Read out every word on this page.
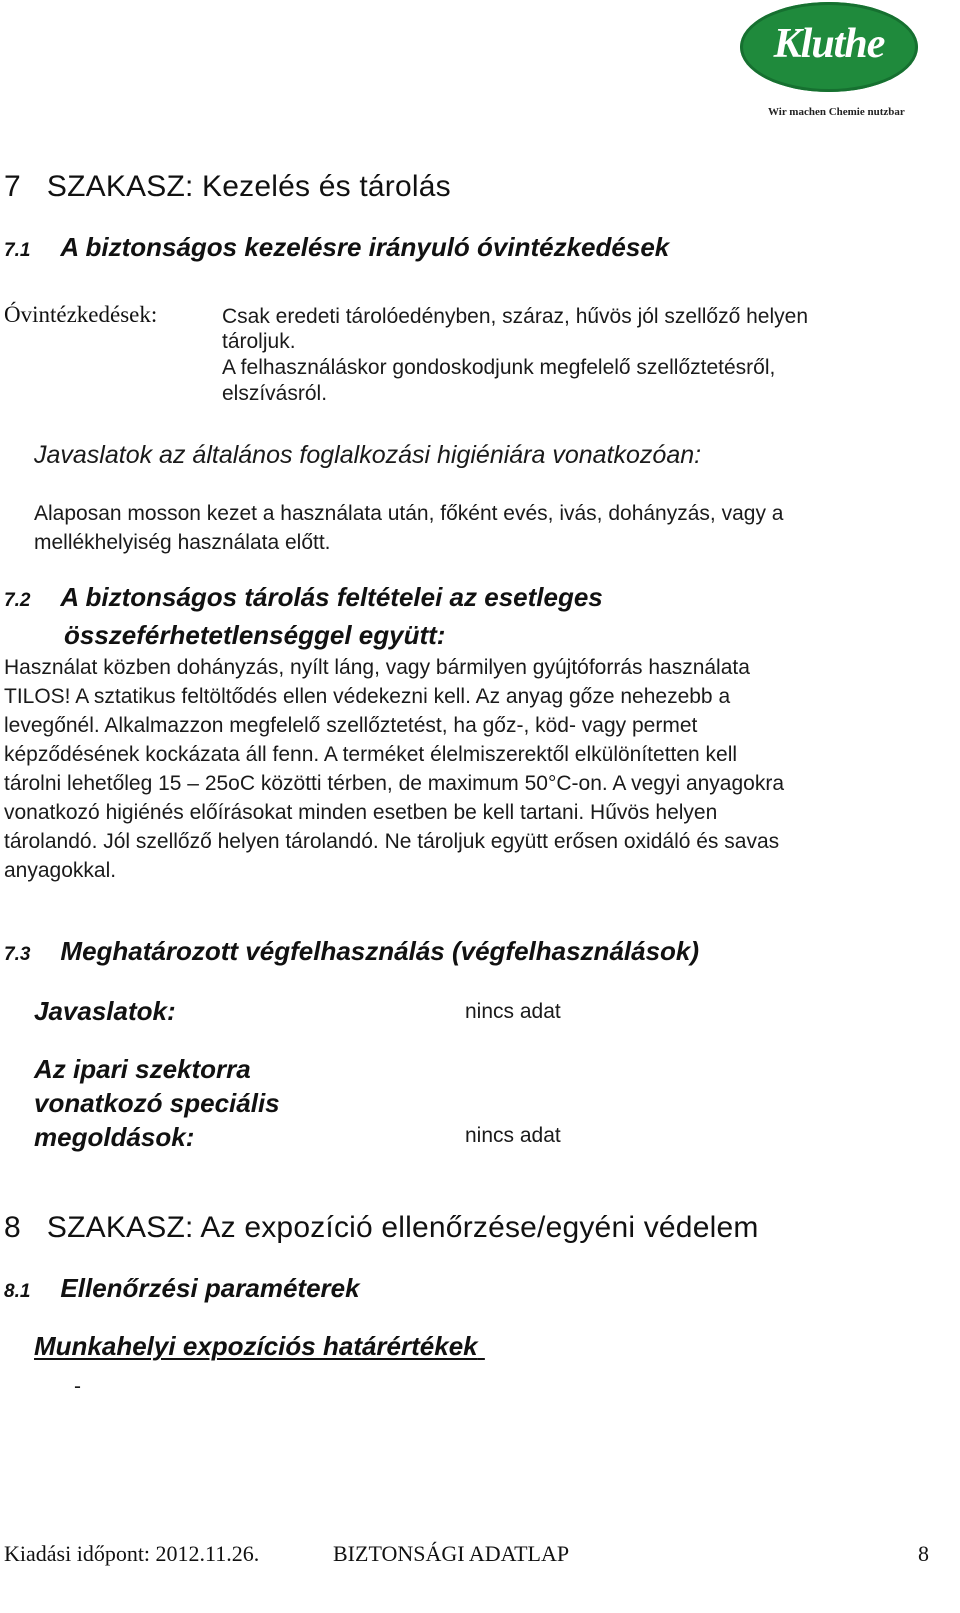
Kluthe
Wir machen Chemie nutzbar
7 SZAKASZ: Kezelés és tárolás
7.1 A biztonságos kezelésre irányuló óvintézkedések
Óvintézkedések:	Csak eredeti tárolóedényben, száraz, hűvös jól szellőző helyen
tároljuk.
A felhasználáskor gondoskodjunk megfelelő szellőztetésről,
elszívásról.
Javaslatok az általános foglalkozási higiéniára vonatkozóan:
Alaposan mosson kezet a használata után, főként evés, ivás, dohányzás, vagy a
mellékhelyiség használata előtt.
7.2 A biztonságos tárolás feltételei az esetleges
összeférhetetlenséggel együtt:
Használat közben dohányzás, nyílt láng, vagy bármilyen gyújtóforrás használata
TILOS! A sztatikus feltöltődés ellen védekezni kell. Az anyag gőze nehezebb a
levegőnél. Alkalmazzon megfelelő szellőztetést, ha gőz-, köd- vagy permet
képződésének kockázata áll fenn. A terméket élelmiszerektől elkülönítetten kell
tárolni lehetőleg 15 – 25oC közötti térben, de maximum 50°C-on. A vegyi anyagokra
vonatkozó higiénés előírásokat minden esetben be kell tartani. Hűvös helyen
tárolandó. Jól szellőző helyen tárolandó. Ne tároljuk együtt erősen oxidáló és savas
anyagokkal.
7.3 Meghatározott végfelhasználás (végfelhasználások)
Javaslatok:	nincs adat
Az ipari szektorra
vonatkozó speciális
megoldások:	nincs adat
8 SZAKASZ: Az expozíció ellenőrzése/egyéni védelem
8.1 Ellenőrzési paraméterek
Munkahelyi expozíciós határértékek
-
Kiadási időpont: 2012.11.26.	BIZTONSÁGI ADATLAP	8
